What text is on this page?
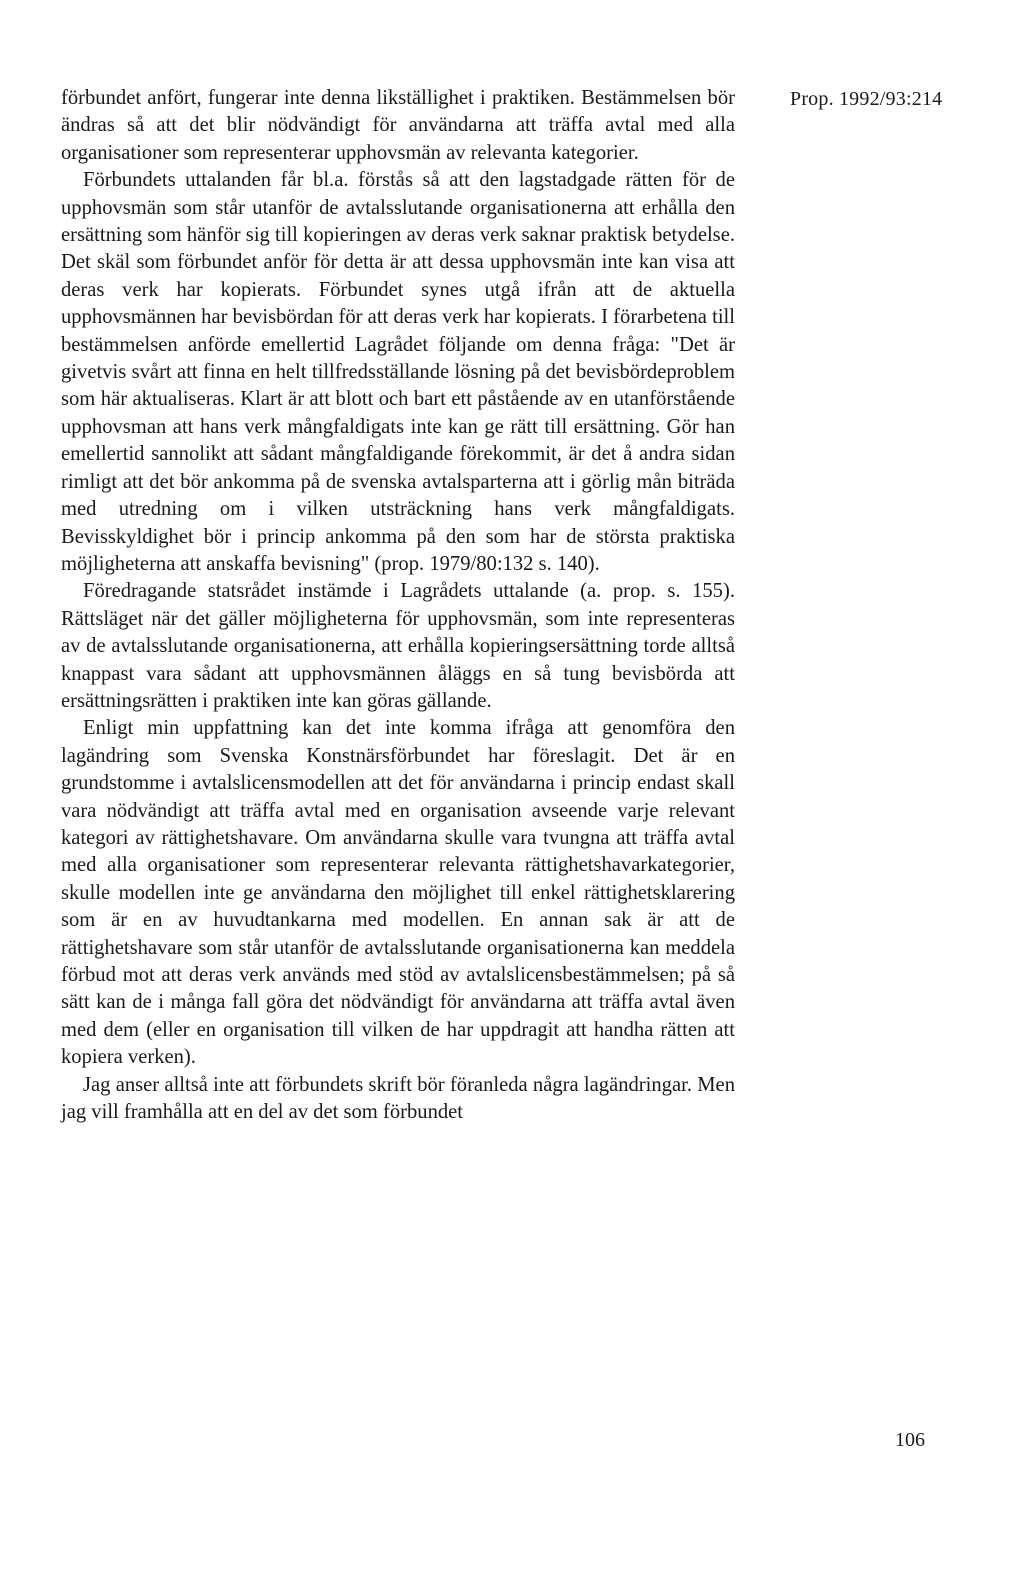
Prop. 1992/93:214

förbundet anfört, fungerar inte denna likställighet i praktiken. Bestämmelsen bör ändras så att det blir nödvändigt för användarna att träffa avtal med alla organisationer som representerar upphovsmän av relevanta kategorier.

Förbundets uttalanden får bl.a. förstås så att den lagstadgade rätten för de upphovsmän som står utanför de avtalsslutande organisationerna att erhålla den ersättning som hänför sig till kopieringen av deras verk saknar praktisk betydelse. Det skäl som förbundet anför för detta är att dessa upphovsmän inte kan visa att deras verk har kopierats. Förbundet synes utgå ifrån att de aktuella upphovsmännen har bevisbördan för att deras verk har kopierats. I förarbetena till bestämmelsen anförde emellertid Lagrådet följande om denna fråga: "Det är givetvis svårt att finna en helt tillfredsställande lösning på det bevisbördeproblem som här aktualiseras. Klart är att blott och bart ett påstående av en utanförstående upphovsman att hans verk mångfaldigats inte kan ge rätt till ersättning. Gör han emellertid sannolikt att sådant mångfaldigande förekommit, är det å andra sidan rimligt att det bör ankomma på de svenska avtalsparterna att i görlig mån biträda med utredning om i vilken utsträckning hans verk mångfaldigats. Bevisskyldighet bör i princip ankomma på den som har de största praktiska möjligheterna att anskaffa bevisning" (prop. 1979/80:132 s. 140).

Föredragande statsrådet instämde i Lagrådets uttalande (a. prop. s. 155). Rättsläget när det gäller möjligheterna för upphovsmän, som inte representeras av de avtalsslutande organisationerna, att erhålla kopieringsersättning torde alltså knappast vara sådant att upphovsmännen åläggs en så tung bevisbörda att ersättningsrätten i praktiken inte kan göras gällande.

Enligt min uppfattning kan det inte komma ifråga att genomföra den lagändring som Svenska Konstnärsförbundet har föreslagit. Det är en grundstomme i avtalslicensmodellen att det för användarna i princip endast skall vara nödvändigt att träffa avtal med en organisation avseende varje relevant kategori av rättighetshavare. Om användarna skulle vara tvungna att träffa avtal med alla organisationer som representerar relevanta rättighetshavarkategorier, skulle modellen inte ge användarna den möjlighet till enkel rättighetsklarering som är en av huvudtankarna med modellen. En annan sak är att de rättighetshavare som står utanför de avtalsslutande organisationerna kan meddela förbud mot att deras verk används med stöd av avtalslicensbestämmelsen; på så sätt kan de i många fall göra det nödvändigt för användarna att träffa avtal även med dem (eller en organisation till vilken de har uppdragit att handha rätten att kopiera verken).

Jag anser alltså inte att förbundets skrift bör föranleda några lagändringar. Men jag vill framhålla att en del av det som förbundet

106
